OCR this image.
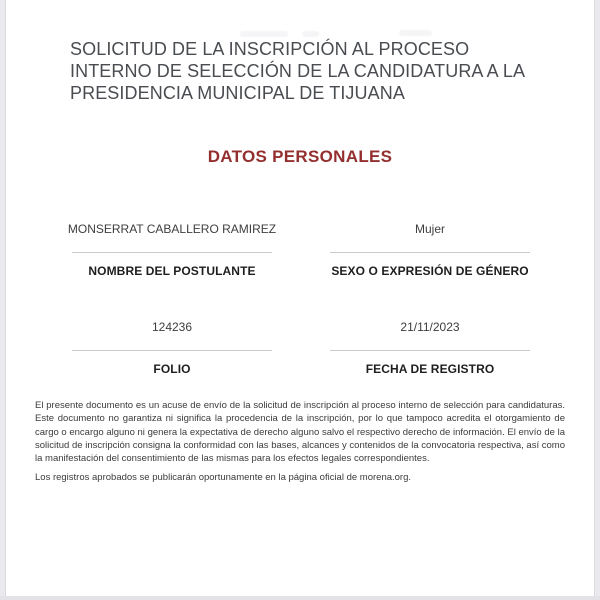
SOLICITUD DE LA INSCRIPCIÓN AL PROCESO
INTERNO DE SELECCIÓN DE LA CANDIDATURA A LA
PRESIDENCIA MUNICIPAL DE TIJUANA
DATOS PERSONALES
MONSERRAT CABALLERO RAMIREZ
NOMBRE DEL POSTULANTE
Mujer
SEXO O EXPRESIÓN DE GÉNERO
124236
FOLIO
21/11/2023
FECHA DE REGISTRO

El presente documento es un acuse de envío de la solicitud de inscripción al proceso interno de selección para candidaturas. Este documento no garantiza ni significa la procedencia de la inscripción, por lo que tampoco acredita el otorgamiento de cargo o encargo alguno ni genera la expectativa de derecho alguno salvo el respectivo derecho de información. El envío de la solicitud de inscripción consigna la conformidad con las bases, alcances y contenidos de la convocatoria respectiva, así como la manifestación del consentimiento de las mismas para los efectos legales correspondientes.

Los registros aprobados se publicarán oportunamente en la página oficial de morena.org.
